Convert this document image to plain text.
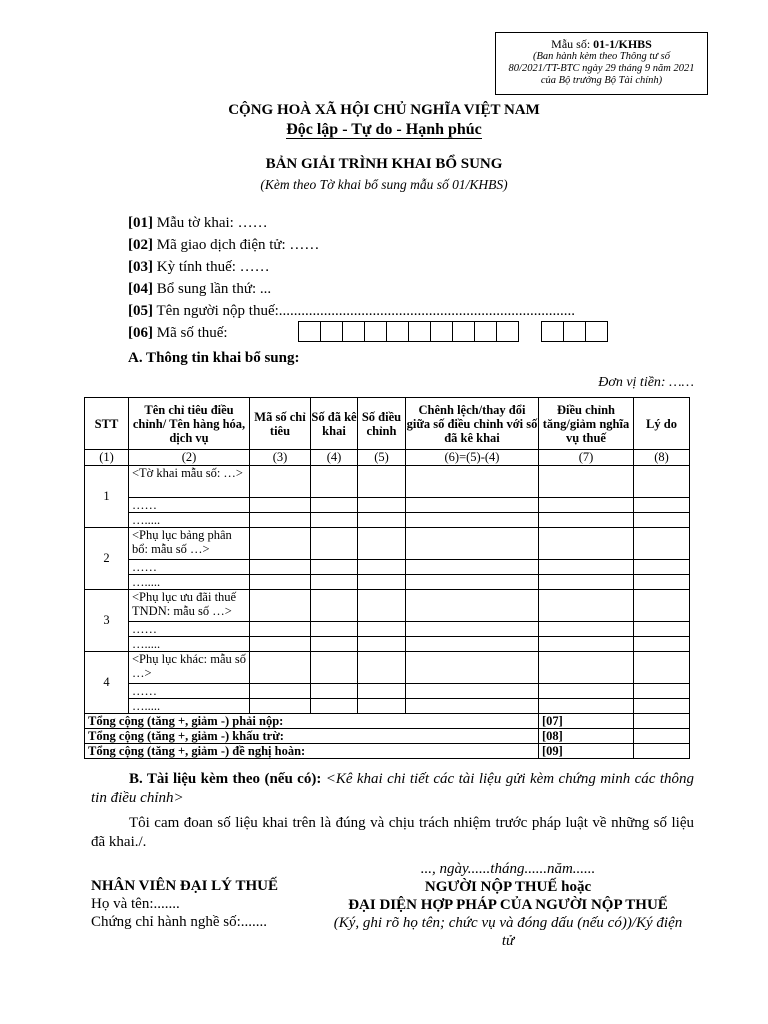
Mẫu số: 01-1/KHBS
(Ban hành kèm theo Thông tư số
80/2021/TT-BTC ngày 29 tháng 9 năm 2021
của Bộ trưởng Bộ Tài chính)
CỘNG HOÀ XÃ HỘI CHỦ NGHĨA VIỆT NAM
Độc lập - Tự do - Hạnh phúc
BẢN GIẢI TRÌNH KHAI BỔ SUNG
(Kèm theo Tờ khai bổ sung mẫu số 01/KHBS)
[01] Mẫu tờ khai: ……
[02] Mã giao dịch điện tử: ……
[03] Kỳ tính thuế: ……
[04] Bổ sung lần thứ: ...
[05] Tên người nộp thuế:...............................................................................
[06] Mã số thuế:
A. Thông tin khai bổ sung:
Đơn vị tiền: ……
STT	Tên chỉ tiêu điều chỉnh/ Tên hàng hóa, dịch vụ	Mã số chỉ tiêu	Số đã kê khai	Số điều chỉnh	Chênh lệch/thay đổi giữa số điều chỉnh với số đã kê khai	Điều chỉnh tăng/giảm nghĩa vụ thuế	Lý do
(1)	(2)	(3)	(4)	(5)	(6)=(5)-(4)	(7)	(8)
1	<Tờ khai mẫu số: …>						
	……						
	….....						
2	<Phụ lục bảng phân bổ: mẫu số …>						
	……						
	….....						
3	<Phụ lục ưu đãi thuế TNDN: mẫu số …>						
	……						
	….....						
4	<Phụ lục khác: mẫu số …>						
	……						
	….....						
Tổng cộng (tăng +, giảm -) phải nộp:						[07]	
Tổng cộng (tăng +, giảm -) khấu trừ:						[08]	
Tổng cộng (tăng +, giảm -) đề nghị hoàn:						[09]	
B. Tài liệu kèm theo (nếu có): <Kê khai chi tiết các tài liệu gửi kèm chứng minh các thông tin điều chỉnh>
Tôi cam đoan số liệu khai trên là đúng và chịu trách nhiệm trước pháp luật về những số liệu đã khai./.
NHÂN VIÊN ĐẠI LÝ THUẾ
Họ và tên:.......
Chứng chỉ hành nghề số:.......
..., ngày......tháng......năm......
NGƯỜI NỘP THUẾ hoặc
ĐẠI DIỆN HỢP PHÁP CỦA NGƯỜI NỘP THUẾ
(Ký, ghi rõ họ tên; chức vụ và đóng dấu (nếu có))/Ký điện tử
